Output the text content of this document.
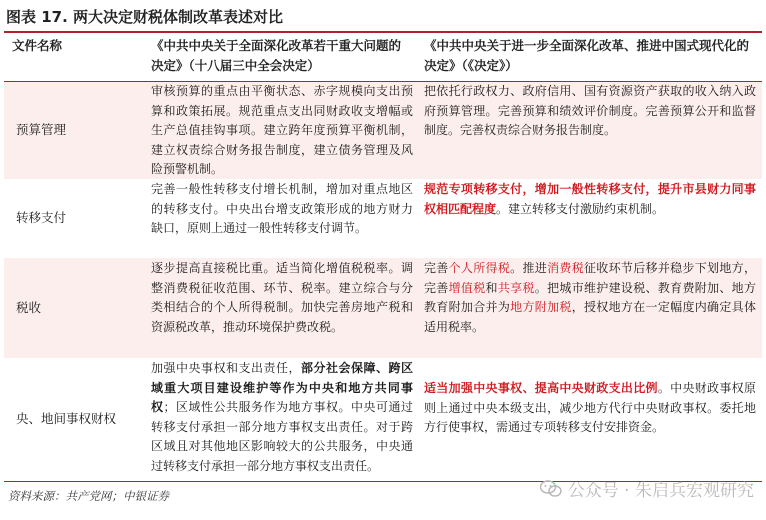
图表 17. 两大决定财税体制改革表述对比
文件名称	《中共中央关于全面深化改革若干重大问题的决定》（十八届三中全会决定）
《中共中央关于进一步全面深化改革、推进中国式现代化的决定》（《决定》）
预算管理
审核预算的重点由平衡状态、赤字规模向支出预算和政策拓展。规范重点支出同财政收支增幅或生产总值挂钩事项。建立跨年度预算平衡机制，建立权责综合财务报告制度，建立债务管理及风险预警机制。
把依托行政权力、政府信用、国有资源资产获取的收入纳入政府预算管理。完善预算和绩效评价制度。完善预算公开和监督制度。完善权责综合财务报告制度。
转移支付
完善一般性转移支付增长机制，增加对重点地区的转移支付。中央出台增支政策形成的地方财力缺口，原则上通过一般性转移支付调节。
规范专项转移支付，增加一般性转移支付，提升市县财力同事权相匹配程度。建立转移支付激励约束机制。
税收
逐步提高直接税比重。适当简化增值税税率。调整消费税征收范围、环节、税率。建立综合与分类相结合的个人所得税制。加快完善房地产税和资源税改革，推动环境保护费改税。
完善个人所得税。推进消费税征收环节后移并稳步下划地方，完善增值税和共享税。把城市维护建设税、教育费附加、地方教育附加合并为地方附加税，授权地方在一定幅度内确定具体适用税率。
央、地间事权财权
加强中央事权和支出责任，部分社会保障、跨区域重大项目建设维护等作为中央和地方共同事权；区域性公共服务作为地方事权。中央可通过转移支付承担一部分地方事权支出责任。对于跨区域且对其他地区影响较大的公共服务，中央通过转移支付承担一部分地方事权支出责任。
适当加强中央事权、提高中央财政支出比例。中央财政事权原则上通过中央本级支出，减少地方代行中央财政事权。委托地方行使事权，需通过专项转移支付安排资金。
资料来源：共产党网；中银证券	公众号 · 朱启兵宏观研究
